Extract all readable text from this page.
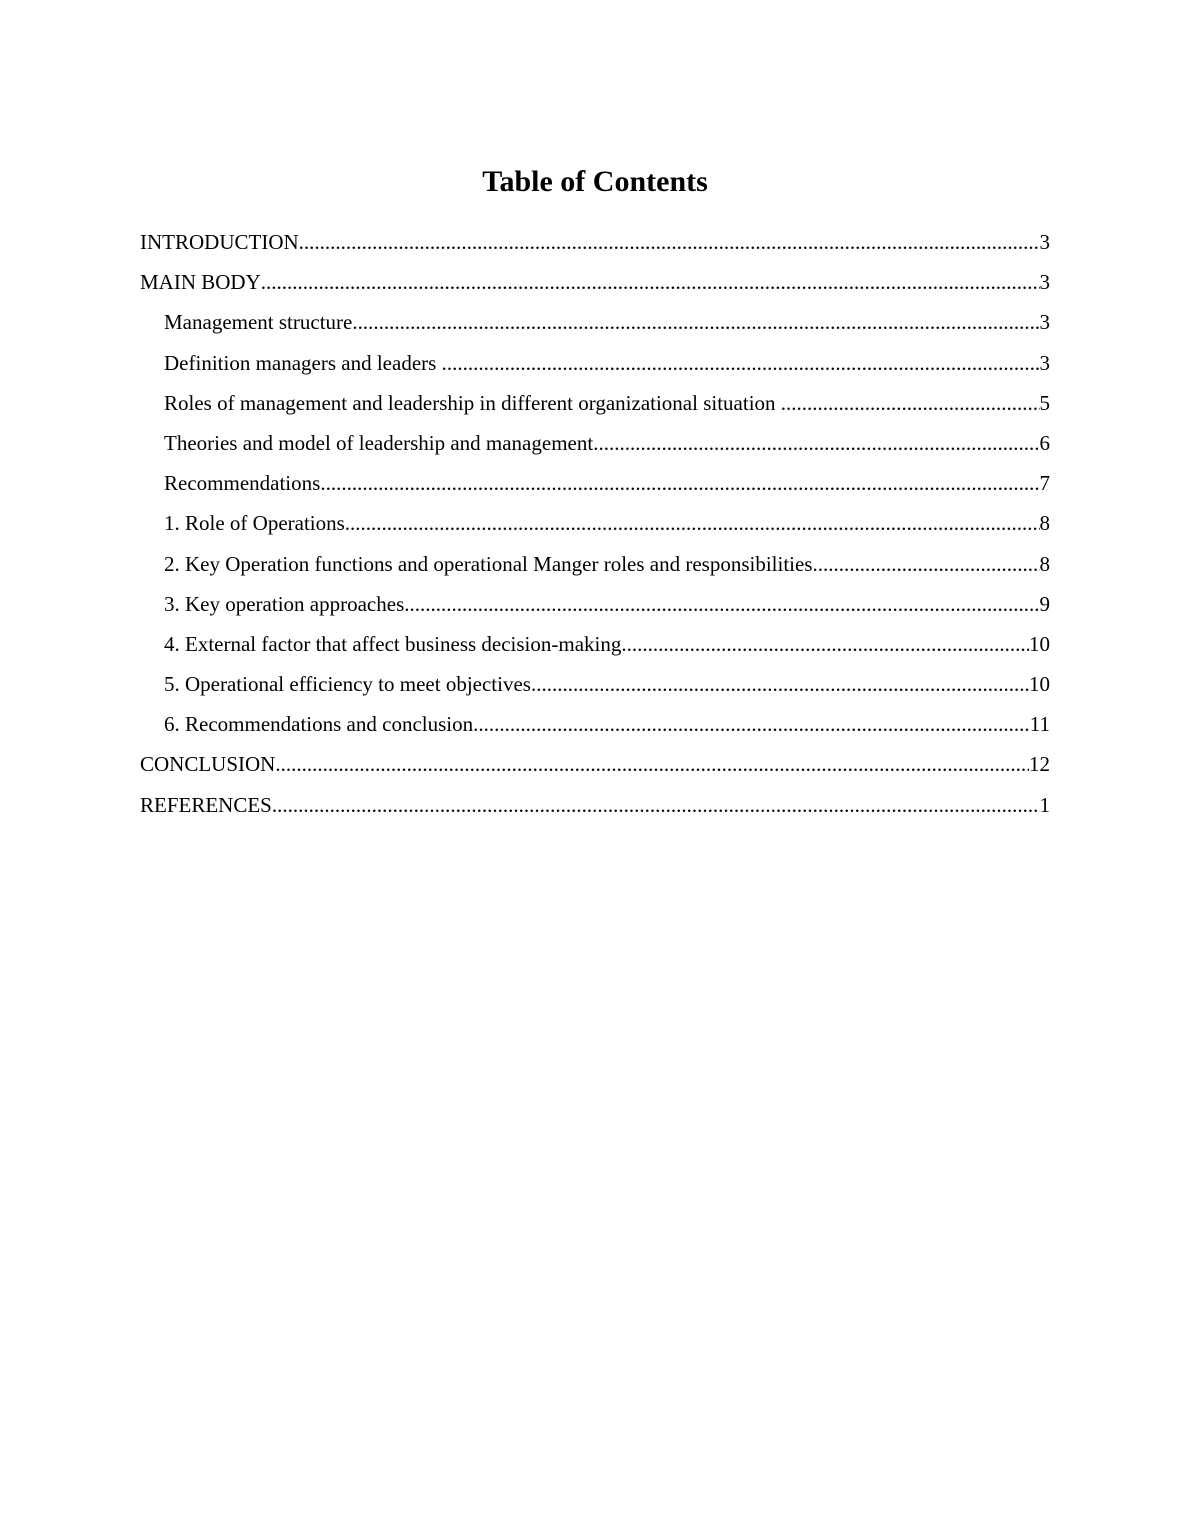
Table of Contents
INTRODUCTION .....	3
MAIN BODY .....	3
Management structure .....	3
Definition managers and leaders .....	3
Roles of management and leadership in different organizational situation .....	5
Theories and model of leadership and management .....	6
Recommendations .....	7
1. Role of Operations .....	8
2. Key Operation functions and operational Manger roles and responsibilities .....	8
3. Key operation approaches .....	9
4. External factor that affect business decision-making .....	10
5. Operational efficiency to meet objectives .....	10
6. Recommendations and conclusion .....	11
CONCLUSION .....	12
REFERENCES .....	1
